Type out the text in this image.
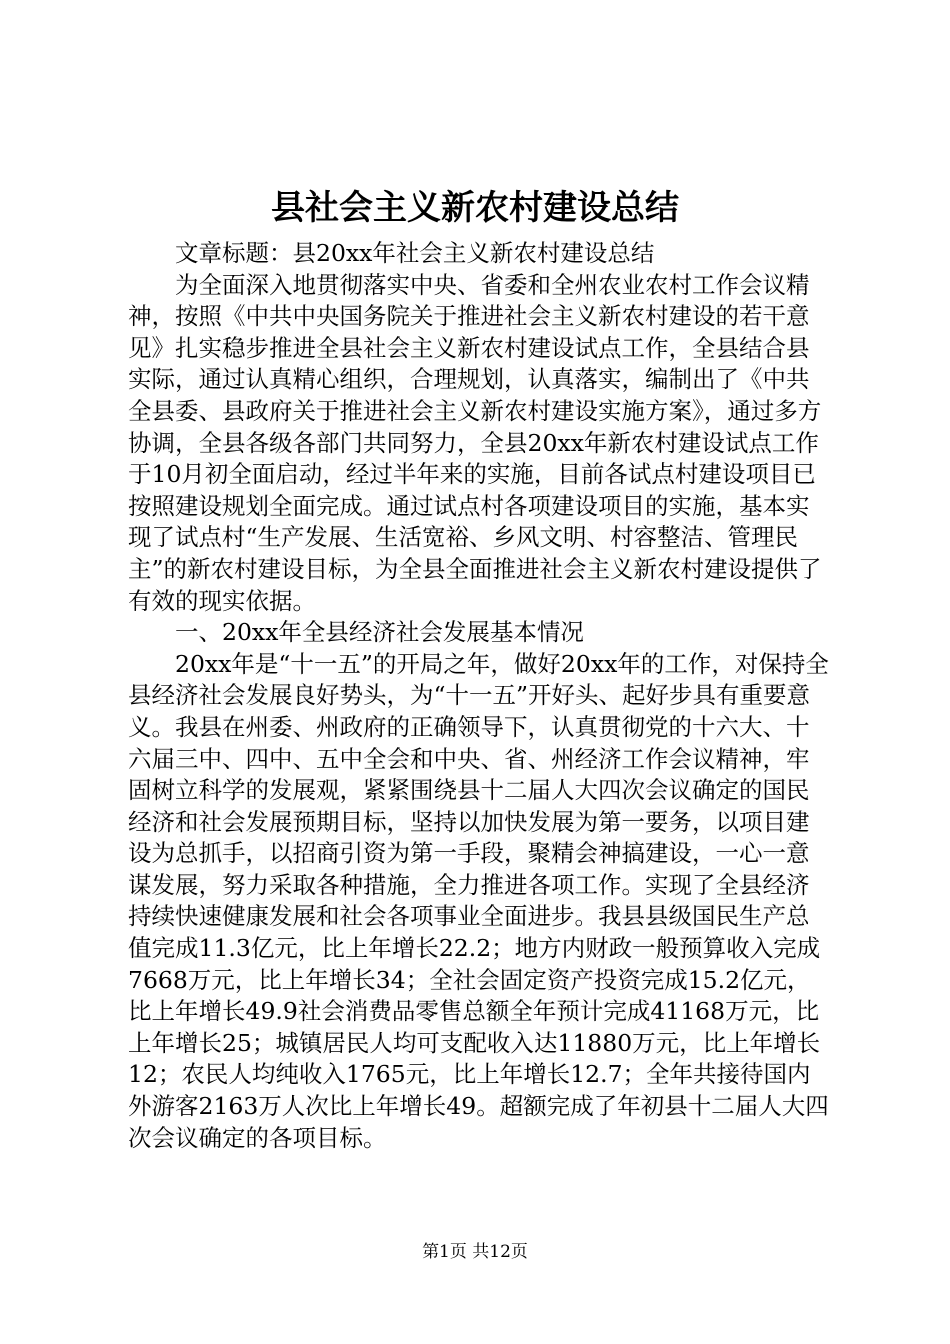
县社会主义新农村建设总结

文章标题：县20xx年社会主义新农村建设总结

为全面深入地贯彻落实中央、省委和全州农业农村工作会议精神，按照《中共中央国务院关于推进社会主义新农村建设的若干意见》扎实稳步推进全县社会主义新农村建设试点工作，全县结合县实际，通过认真精心组织，合理规划，认真落实，编制出了《中共全县委、县政府关于推进社会主义新农村建设实施方案》，通过多方协调，全县各级各部门共同努力，全县20xx年新农村建设试点工作于10月初全面启动，经过半年来的实施，目前各试点村建设项目已按照建设规划全面完成。通过试点村各项建设项目的实施，基本实现了试点村“生产发展、生活宽裕、乡风文明、村容整洁、管理民主”的新农村建设目标，为全县全面推进社会主义新农村建设提供了有效的现实依据。

一、20xx年全县经济社会发展基本情况

20xx年是“十一五”的开局之年，做好20xx年的工作，对保持全县经济社会发展良好势头，为“十一五”开好头、起好步具有重要意义。我县在州委、州政府的正确领导下，认真贯彻党的十六大、十六届三中、四中、五中全会和中央、省、州经济工作会议精神，牢固树立科学的发展观，紧紧围绕县十二届人大四次会议确定的国民经济和社会发展预期目标，坚持以加快发展为第一要务，以项目建设为总抓手，以招商引资为第一手段，聚精会神搞建设，一心一意谋发展，努力采取各种措施，全力推进各项工作。实现了全县经济持续快速健康发展和社会各项事业全面进步。我县县级国民生产总值完成11.3亿元，比上年增长22.2；地方内财政一般预算收入完成7668万元，比上年增长34；全社会固定资产投资完成15.2亿元，比上年增长49.9社会消费品零售总额全年预计完成41168万元，比上年增长25；城镇居民人均可支配收入达11880万元，比上年增长12；农民人均纯收入1765元，比上年增长12.7；全年共接待国内外游客2163万人次比上年增长49。超额完成了年初县十二届人大四次会议确定的各项目标。

第1页 共12页
